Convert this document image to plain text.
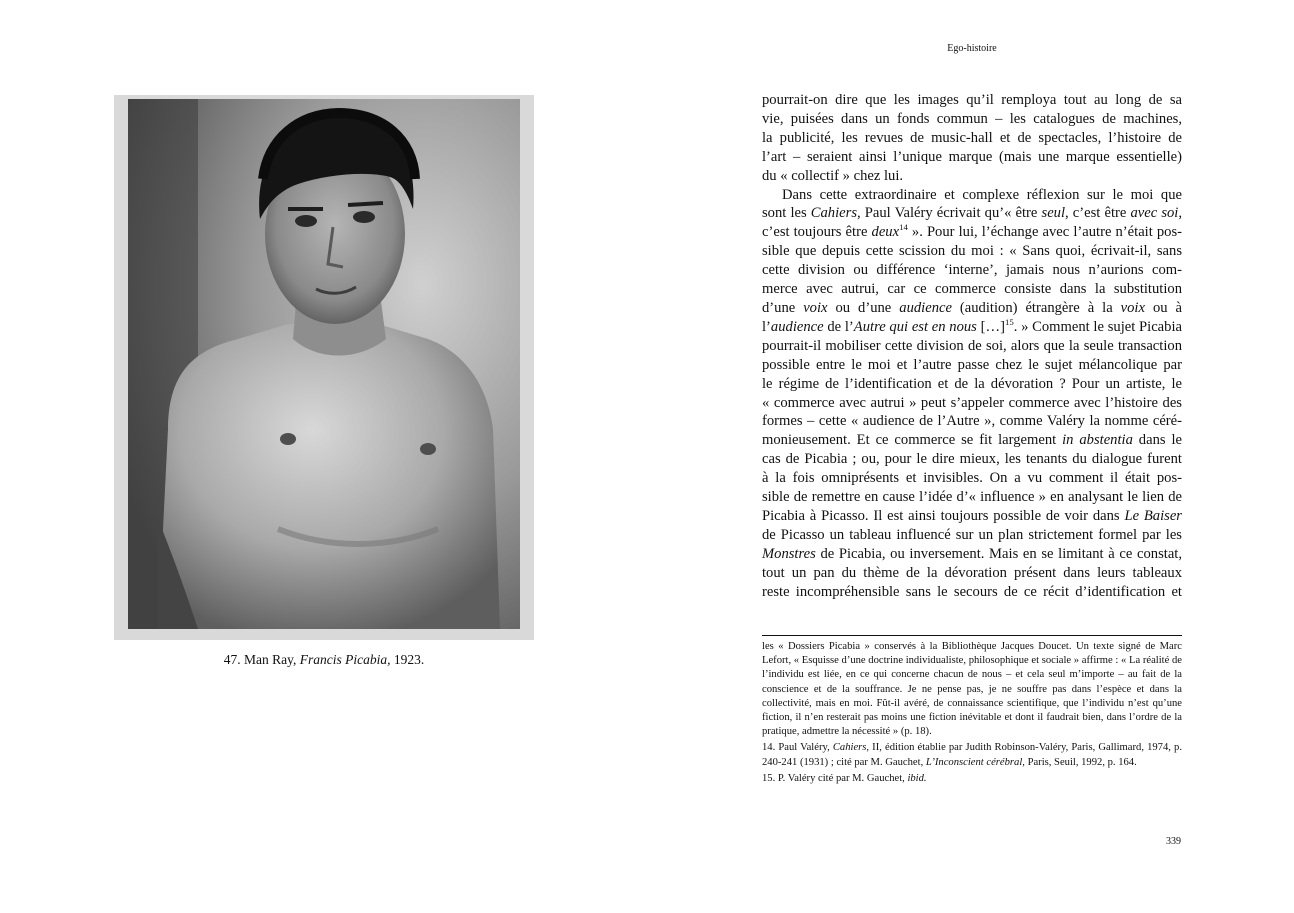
47. Man Ray, Francis Picabia, 1923.
Ego-histoire

pourrait-on dire que les images qu’il remploya tout au long de sa
vie, puisées dans un fonds commun – les catalogues de machines,
la publicité, les revues de music-hall et de spectacles, l’histoire de
l’art – seraient ainsi l’unique marque (mais une marque essentielle)
du « collectif » chez lui.

Dans cette extraordinaire et complexe réflexion sur le moi que
sont les Cahiers, Paul Valéry écrivait qu’« être seul, c’est être avec soi,
c’est toujours être deux$^{14}$ ». Pour lui, l’échange avec l’autre n’était pos-
sible que depuis cette scission du moi : « Sans quoi, écrivait-il, sans
cette division ou différence ‘interne’, jamais nous n’aurions com-
merce avec autrui, car ce commerce consiste dans la substitution
d’une voix ou d’une audience (audition) étrangère à la voix ou à
l’audience de l’Autre qui est en nous […]$^{15}$. » Comment le sujet Picabia
pourrait-il mobiliser cette division de soi, alors que la seule transaction
possible entre le moi et l’autre passe chez le sujet mélancolique par
le régime de l’identification et de la dévoration ? Pour un artiste, le
« commerce avec autrui » peut s’appeler commerce avec l’histoire des
formes – cette « audience de l’Autre », comme Valéry la nomme céré-
monieusement. Et ce commerce se fit largement in abstentia dans le
cas de Picabia ; ou, pour le dire mieux, les tenants du dialogue furent
à la fois omniprésents et invisibles. On a vu comment il était pos-
sible de remettre en cause l’idée d’« influence » en analysant le lien de
Picabia à Picasso. Il est ainsi toujours possible de voir dans Le Baiser
de Picasso un tableau influencé sur un plan strictement formel par les
Monstres de Picabia, ou inversement. Mais en se limitant à ce constat,
tout un pan du thème de la dévoration présent dans leurs tableaux
reste incompréhensible sans le secours de ce récit d’identification et

les « Dossiers Picabia » conservés à la Bibliothèque Jacques Doucet. Un texte signé de Marc Lefort, « Esquisse d’une doctrine individualiste, philosophique et sociale » affirme : « La réalité de l’individu est liée, en ce qui concerne chacun de nous – et cela seul m’importe – au fait de la conscience et de la souffrance. Je ne pense pas, je ne souffre pas dans l’espèce et dans la collectivité, mais en moi. Fût-il avéré, de connaissance scientifique, que l’individu n’est qu’une fiction, il n’en resterait pas moins une fiction inévitable et dont il faudrait bien, dans l’ordre de la pratique, admettre la nécessité » (p. 18).

14. Paul Valéry, Cahiers, II, édition établie par Judith Robinson-Valéry, Paris, Gallimard, 1974, p. 240-241 (1931) ; cité par M. Gauchet, L’Inconscient cérébral, Paris, Seuil, 1992, p. 164.

15. P. Valéry cité par M. Gauchet, ibid.

339
